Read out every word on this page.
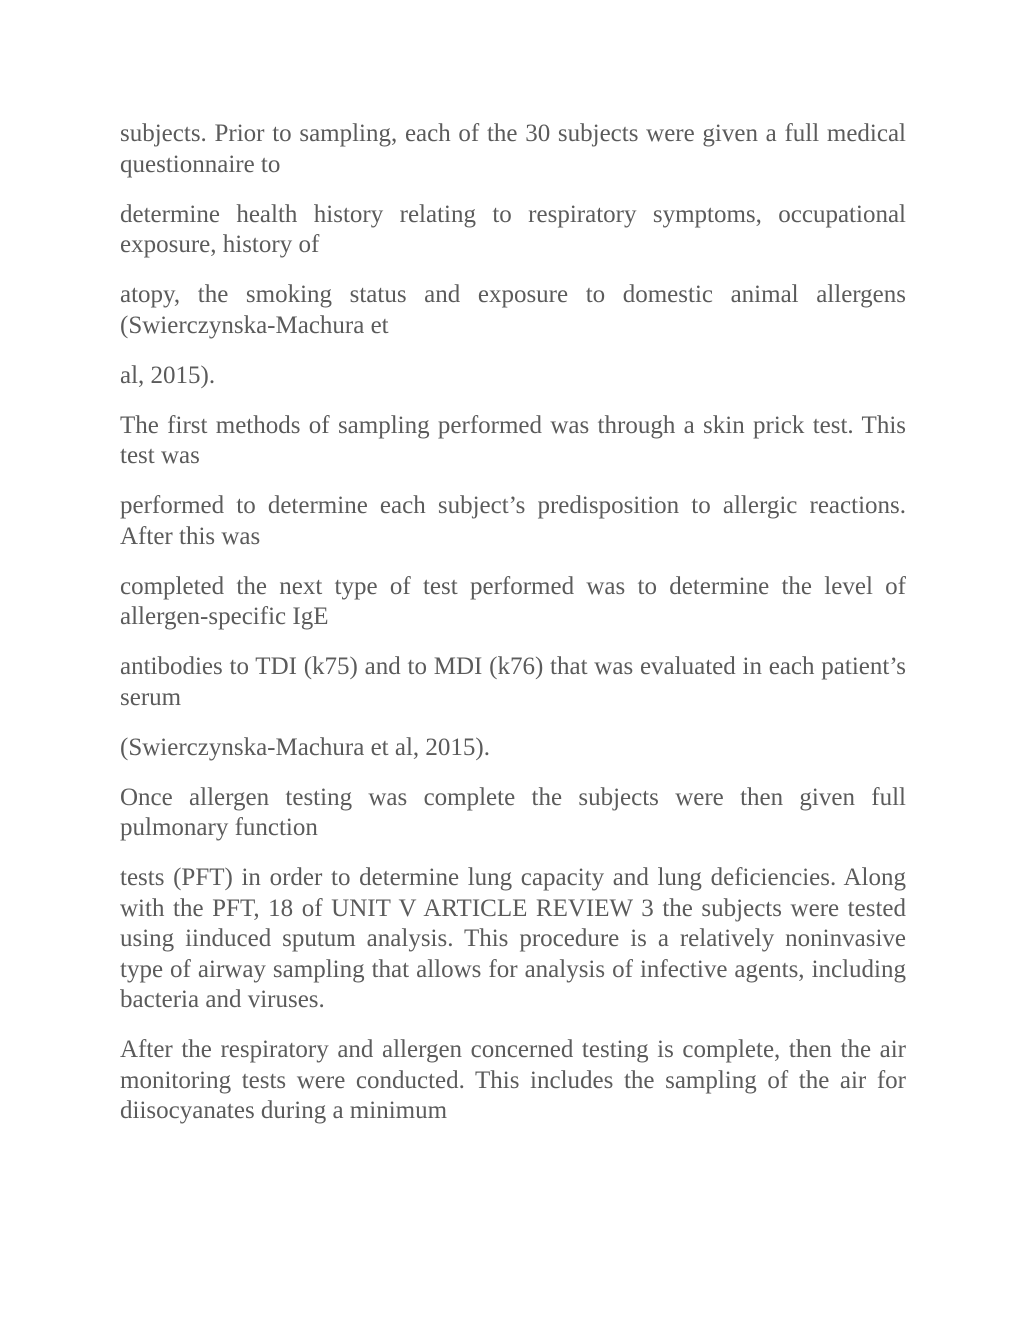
subjects. Prior to sampling, each of the 30 subjects were given a full medical questionnaire to

determine health history relating to respiratory symptoms, occupational exposure, history of

atopy, the smoking status and exposure to domestic animal allergens (Swierczynska-Machura et

al, 2015).

The first methods of sampling performed was through a skin prick test. This test was

performed to determine each subject’s predisposition to allergic reactions. After this was

completed the next type of test performed was to determine the level of allergen-specific IgE

antibodies to TDI (k75) and to MDI (k76) that was evaluated in each patient’s serum

(Swierczynska-Machura et al, 2015).

Once allergen testing was complete the subjects were then given full pulmonary function

tests (PFT) in order to determine lung capacity and lung deficiencies. Along with the PFT, 18 of UNIT V ARTICLE REVIEW 3 the subjects were tested using iinduced sputum analysis. This procedure is a relatively noninvasive type of airway sampling that allows for analysis of infective agents, including bacteria and viruses.

After the respiratory and allergen concerned testing is complete, then the air monitoring tests were conducted. This includes the sampling of the air for diisocyanates during a minimum
